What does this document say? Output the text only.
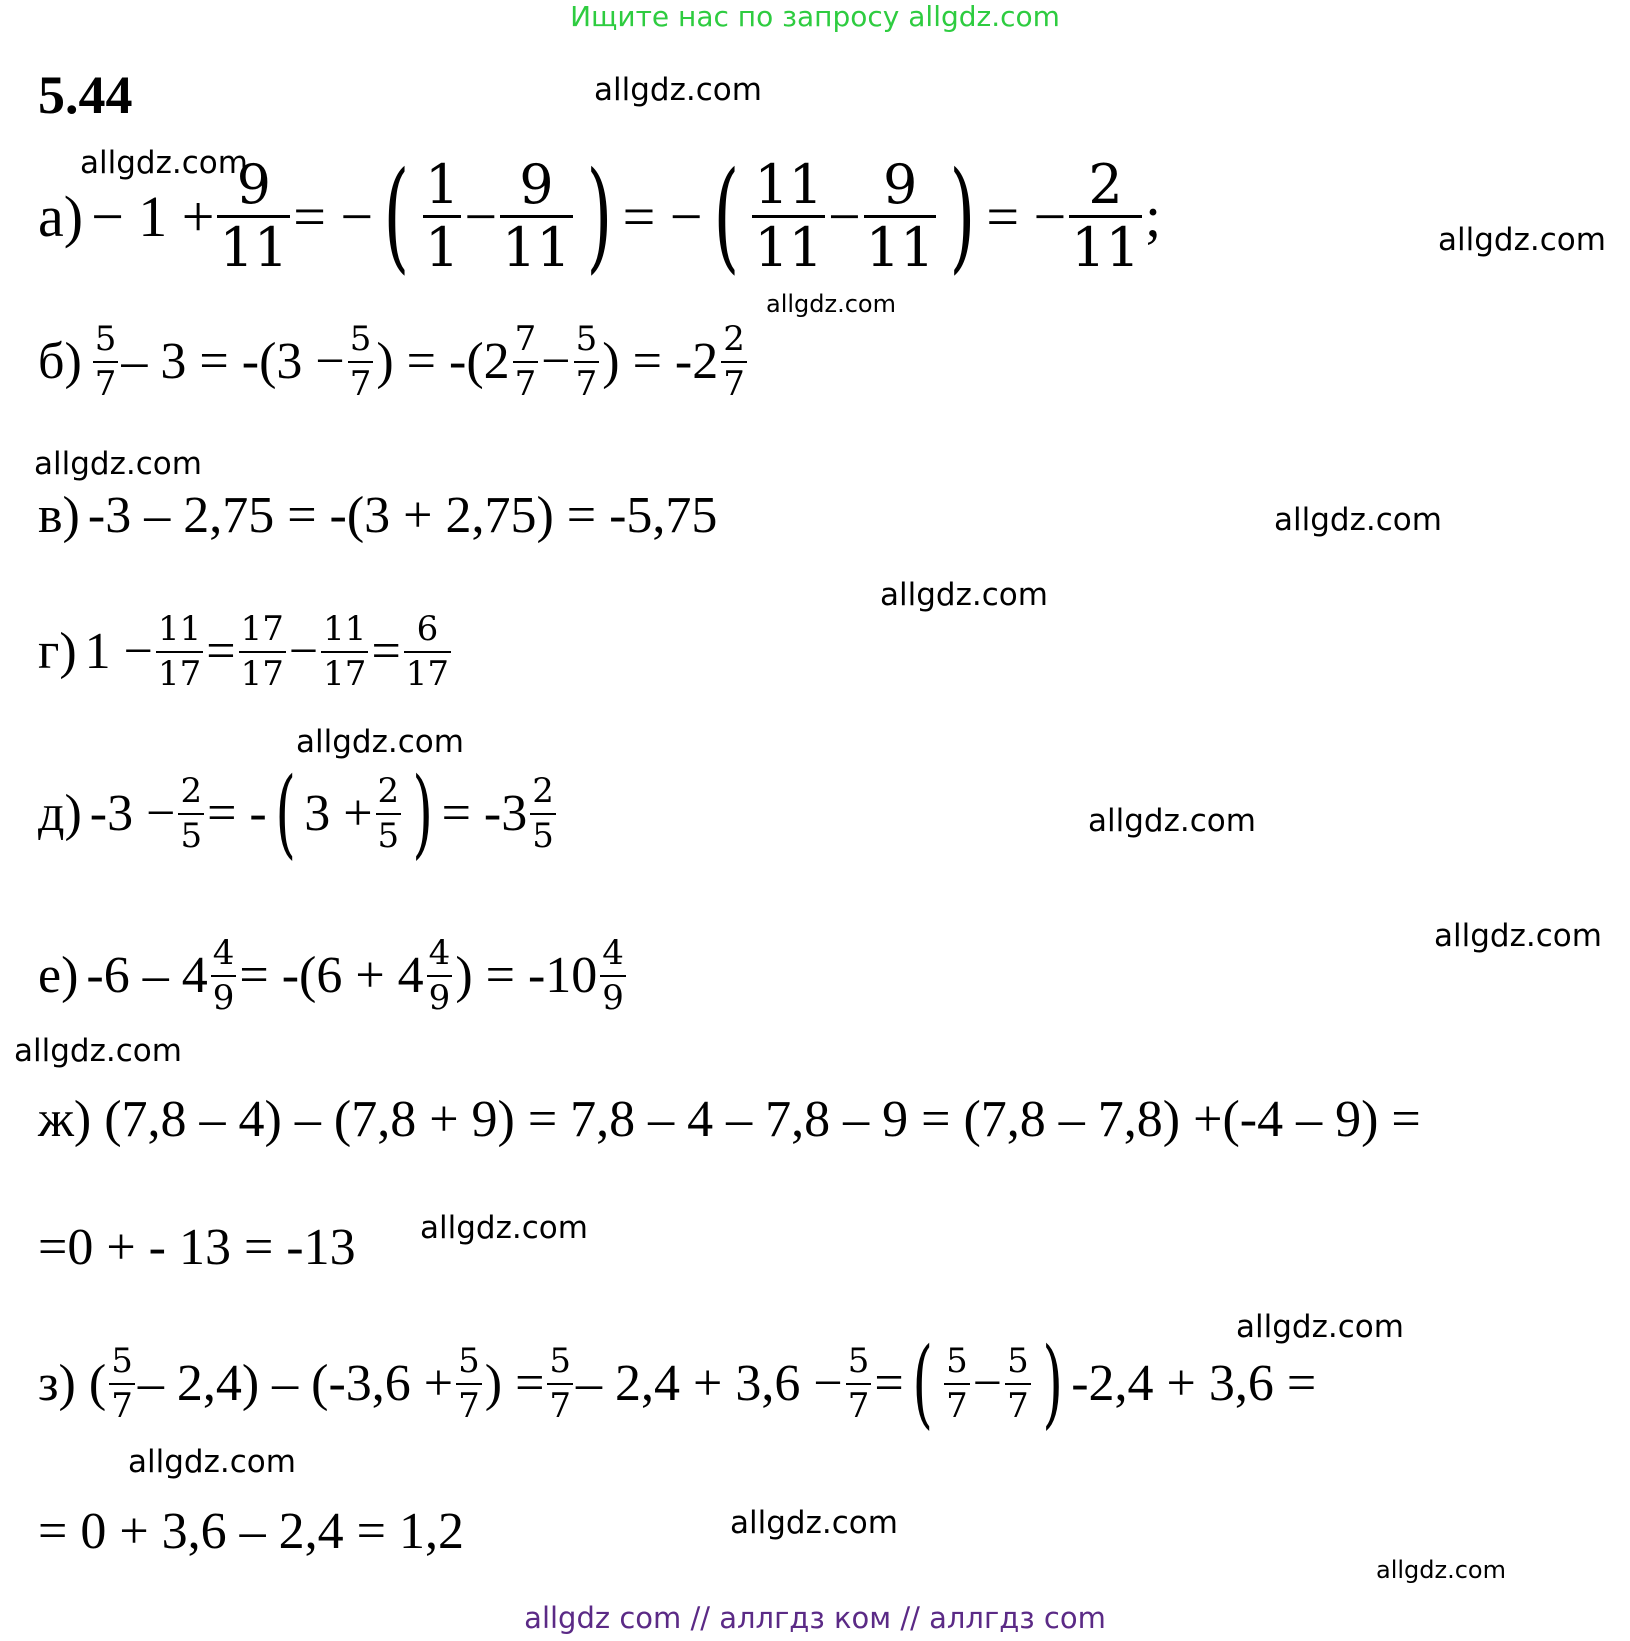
Ищите нас по запросу allgdz.com
5.44	allgdz.com
allgdz.com
allgdz.com
allgdz.com
allgdz.com
allgdz.com
allgdz.com
allgdz.com
allgdz.com
allgdz.com
allgdz.com
allgdz.com
allgdz.com
allgdz.com
allgdz.com
allgdz.com
$а) - 1 + \frac{9}{11}$ = − ( $\frac{1}{1} - \frac{9}{11}$ ) = − ( $\frac{11}{11} - \frac{9}{11}$ ) = − $\frac{2}{11}$ ;
$б) \frac{5}{7} - 3 = -(3 - \frac{5}{7}$ ) = $-(2 \frac{7}{7} - \frac{5}{7}$ ) = $-2 \frac{2}{7}$
в) -3 – 2,75 = -(3 + 2,75) = -5,75
г) $1 - \frac{11}{17} = \frac{17}{17} - \frac{11}{17} = \frac{6}{17}$
д) $-3 - \frac{2}{5}$ = - ( $3 + \frac{2}{5}$ ) = $-3 \frac{2}{5}$
е) $-6 - 4 \frac{4}{9} = -(6 + 4 \frac{4}{9}$ ) = $-10 \frac{4}{9}$
ж) (7,8 – 4) – (7,8 + 9) = 7,8 – 4 – 7,8 – 9 = (7,8 – 7,8) +(-4 – 9) =
=0 + - 13 = -13
з) ( $\frac{5}{7} - 2,4) - (-3,6 + \frac{5}{7}$ ) = $\frac{5}{7} - 2,4 + 3,6 - \frac{5}{7}$ = ( $\frac{5}{7} - \frac{5}{7}$ ) -2,4 + 3,6 =
= 0 + 3,6 – 2,4 = 1,2
allgdz com // аллгдз ком // аллгдз com
